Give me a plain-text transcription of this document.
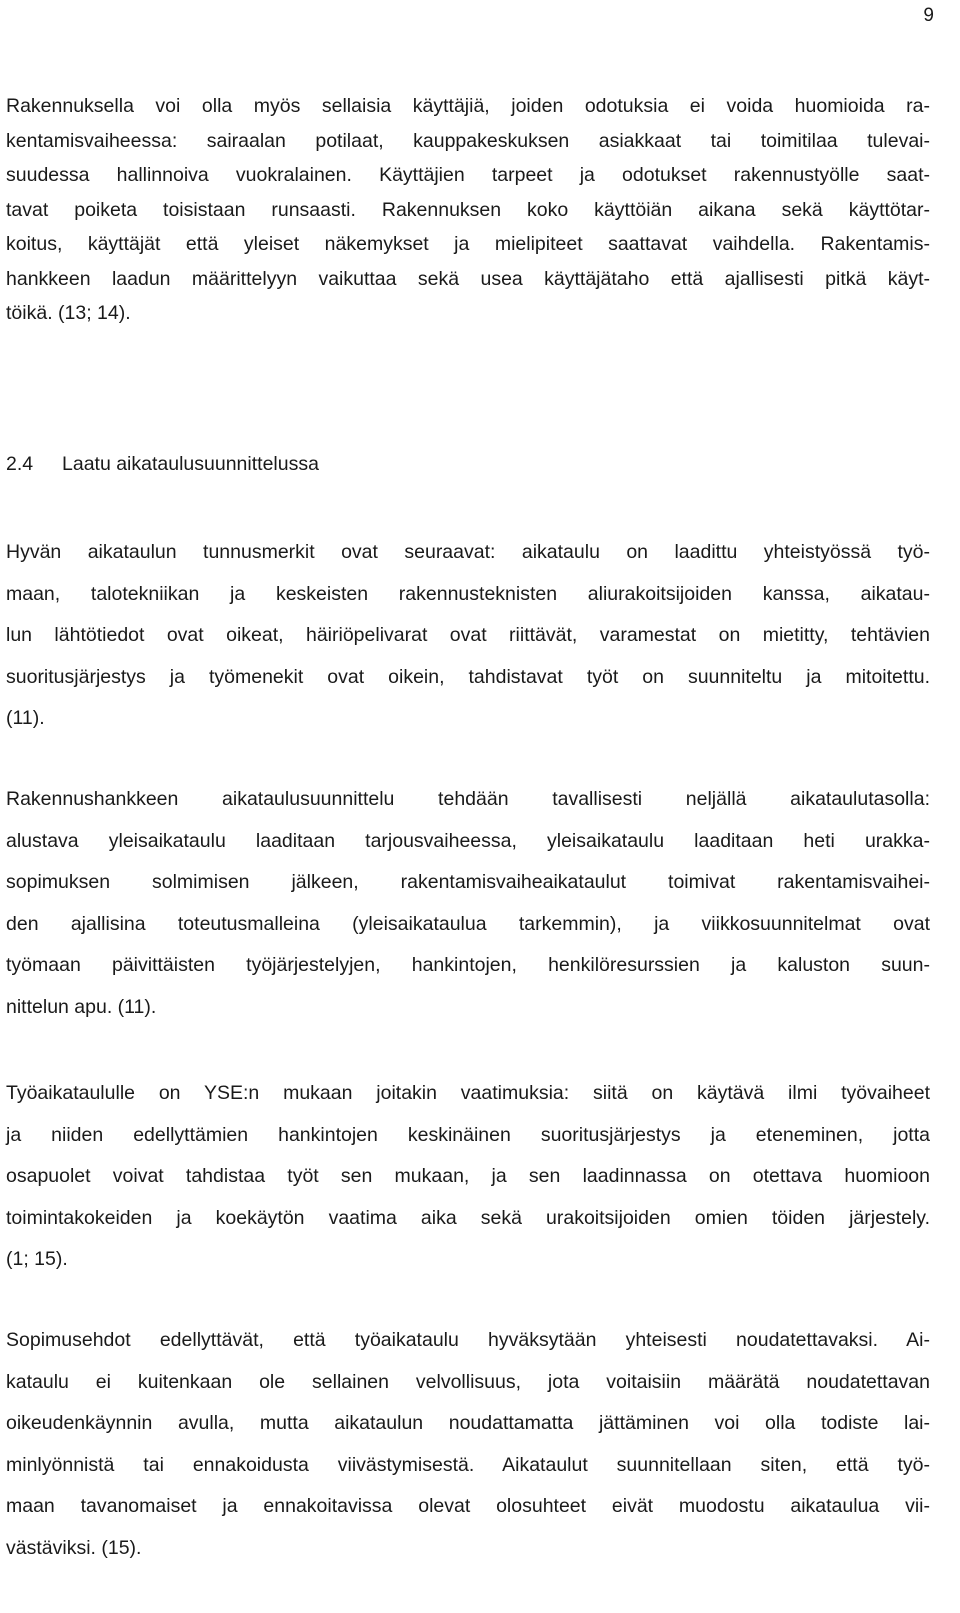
9
Rakennuksella voi olla myös sellaisia käyttäjiä, joiden odotuksia ei voida huomioida ra-
kentamisvaiheessa: sairaalan potilaat, kauppakeskuksen asiakkaat tai toimitilaa tulevai-
suudessa hallinnoiva vuokralainen. Käyttäjien tarpeet ja odotukset rakennustyölle saat-
tavat poiketa toisistaan runsaasti. Rakennuksen koko käyttöiän aikana sekä käyttötar-
koitus, käyttäjät että yleiset näkemykset ja mielipiteet saattavat vaihdella. Rakentamis-
hankkeen laadun määrittelyyn vaikuttaa sekä usea käyttäjätaho että ajallisesti pitkä käyt-
töikä. (13; 14).
2.4 Laatu aikataulusuunnittelussa
Hyvän aikataulun tunnusmerkit ovat seuraavat: aikataulu on laadittu yhteistyössä työ-
maan, talotekniikan ja keskeisten rakennusteknisten aliurakoitsijoiden kanssa, aikatau-
lun lähtötiedot ovat oikeat, häiriöpelivarat ovat riittävät, varamestat on mietitty, tehtävien
suoritusjärjestys ja työmenekit ovat oikein, tahdistavat työt on suunniteltu ja mitoitettu.
(11).
Rakennushankkeen aikataulusuunnittelu tehdään tavallisesti neljällä aikataulutasolla:
alustava yleisaikataulu laaditaan tarjousvaiheessa, yleisaikataulu laaditaan heti urakka-
sopimuksen solmimisen jälkeen, rakentamisvaiheaikataulut toimivat rakentamisvaihei-
den ajallisina toteutusmalleina (yleisaikataulua tarkemmin), ja viikkosuunnitelmat ovat
työmaan päivittäisten työjärjestelyjen, hankintojen, henkilöresurssien ja kaluston suun-
nittelun apu. (11).
Työaikataululle on YSE:n mukaan joitakin vaatimuksia: siitä on käytävä ilmi työvaiheet
ja niiden edellyttämien hankintojen keskinäinen suoritusjärjestys ja eteneminen, jotta
osapuolet voivat tahdistaa työt sen mukaan, ja sen laadinnassa on otettava huomioon
toimintakokeiden ja koekäytön vaatima aika sekä urakoitsijoiden omien töiden järjestely.
(1; 15).
Sopimusehdot edellyttävät, että työaikataulu hyväksytään yhteisesti noudatettavaksi. Ai-
kataulu ei kuitenkaan ole sellainen velvollisuus, jota voitaisiin määrätä noudatettavan
oikeudenkäynnin avulla, mutta aikataulun noudattamatta jättäminen voi olla todiste lai-
minlyönnistä tai ennakoidusta viivästymisestä. Aikataulut suunnitellaan siten, että työ-
maan tavanomaiset ja ennakoitavissa olevat olosuhteet eivät muodostu aikataulua vii-
västäviksi. (15).
